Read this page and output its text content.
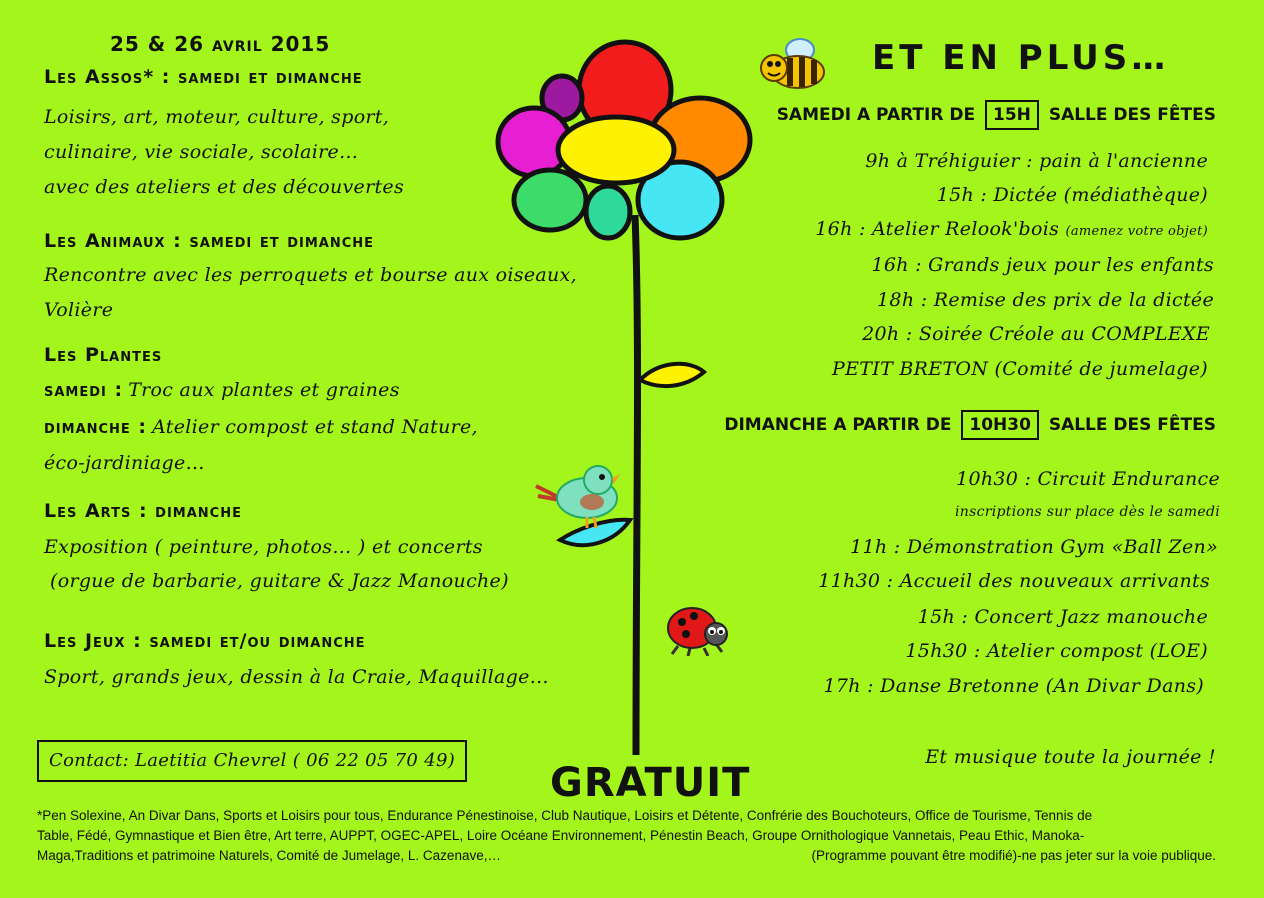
25 & 26 avril 2015
Les Assos* : samedi et dimanche
Loisirs, art, moteur, culture, sport,
culinaire, vie sociale, scolaire…
avec des ateliers et des découvertes
Les Animaux : samedi et dimanche
Rencontre avec les perroquets et bourse aux oiseaux,
Volière
Les Plantes
samedi : Troc aux plantes et graines
dimanche : Atelier compost et stand Nature,
éco-jardiniage…
Les Arts : dimanche
Exposition ( peinture, photos… ) et concerts
(orgue de barbarie, guitare & Jazz Manouche)
Les Jeux : samedi et/ou dimanche
Sport, grands jeux, dessin à la Craie, Maquillage…
Contact: Laetitia Chevrel ( 06 22 05 70 49)	GRATUIT
ET EN PLUS…
SAMEDI A PARTIR DE 15H SALLE DES FÊTES
9h à Tréhiguier : pain à l'ancienne
15h : Dictée (médiathèque)
16h : Atelier Relook'bois (amenez votre objet)
16h : Grands jeux pour les enfants
18h : Remise des prix de la dictée
20h : Soirée Créole au COMPLEXE
PETIT BRETON (Comité de jumelage)
DIMANCHE A PARTIR DE 10H30 SALLE DES FÊTES
10h30 : Circuit Endurance
inscriptions sur place dès le samedi
11h : Démonstration Gym «Ball Zen»
11h30 : Accueil des nouveaux arrivants
15h : Concert Jazz manouche
15h30 : Atelier compost (LOE)
17h : Danse Bretonne (An Divar Dans)
Et musique toute la journée !
*Pen Solexine, An Divar Dans, Sports et Loisirs pour tous, Endurance Pénestinoise, Club Nautique, Loisirs et Détente, Confrérie des Bouchoteurs, Office de Tourisme, Tennis de
Table, Fédé, Gymnastique et Bien être, Art terre, AUPPT, OGEC-APEL, Loire Océane Environnement, Pénestin Beach, Groupe Ornithologique Vannetais, Peau Ethic, Manoka-
Maga,Traditions et patrimoine Naturels, Comité de Jumelage, L. Cazenave,…	(Programme pouvant être modifié)-ne pas jeter sur la voie publique.
